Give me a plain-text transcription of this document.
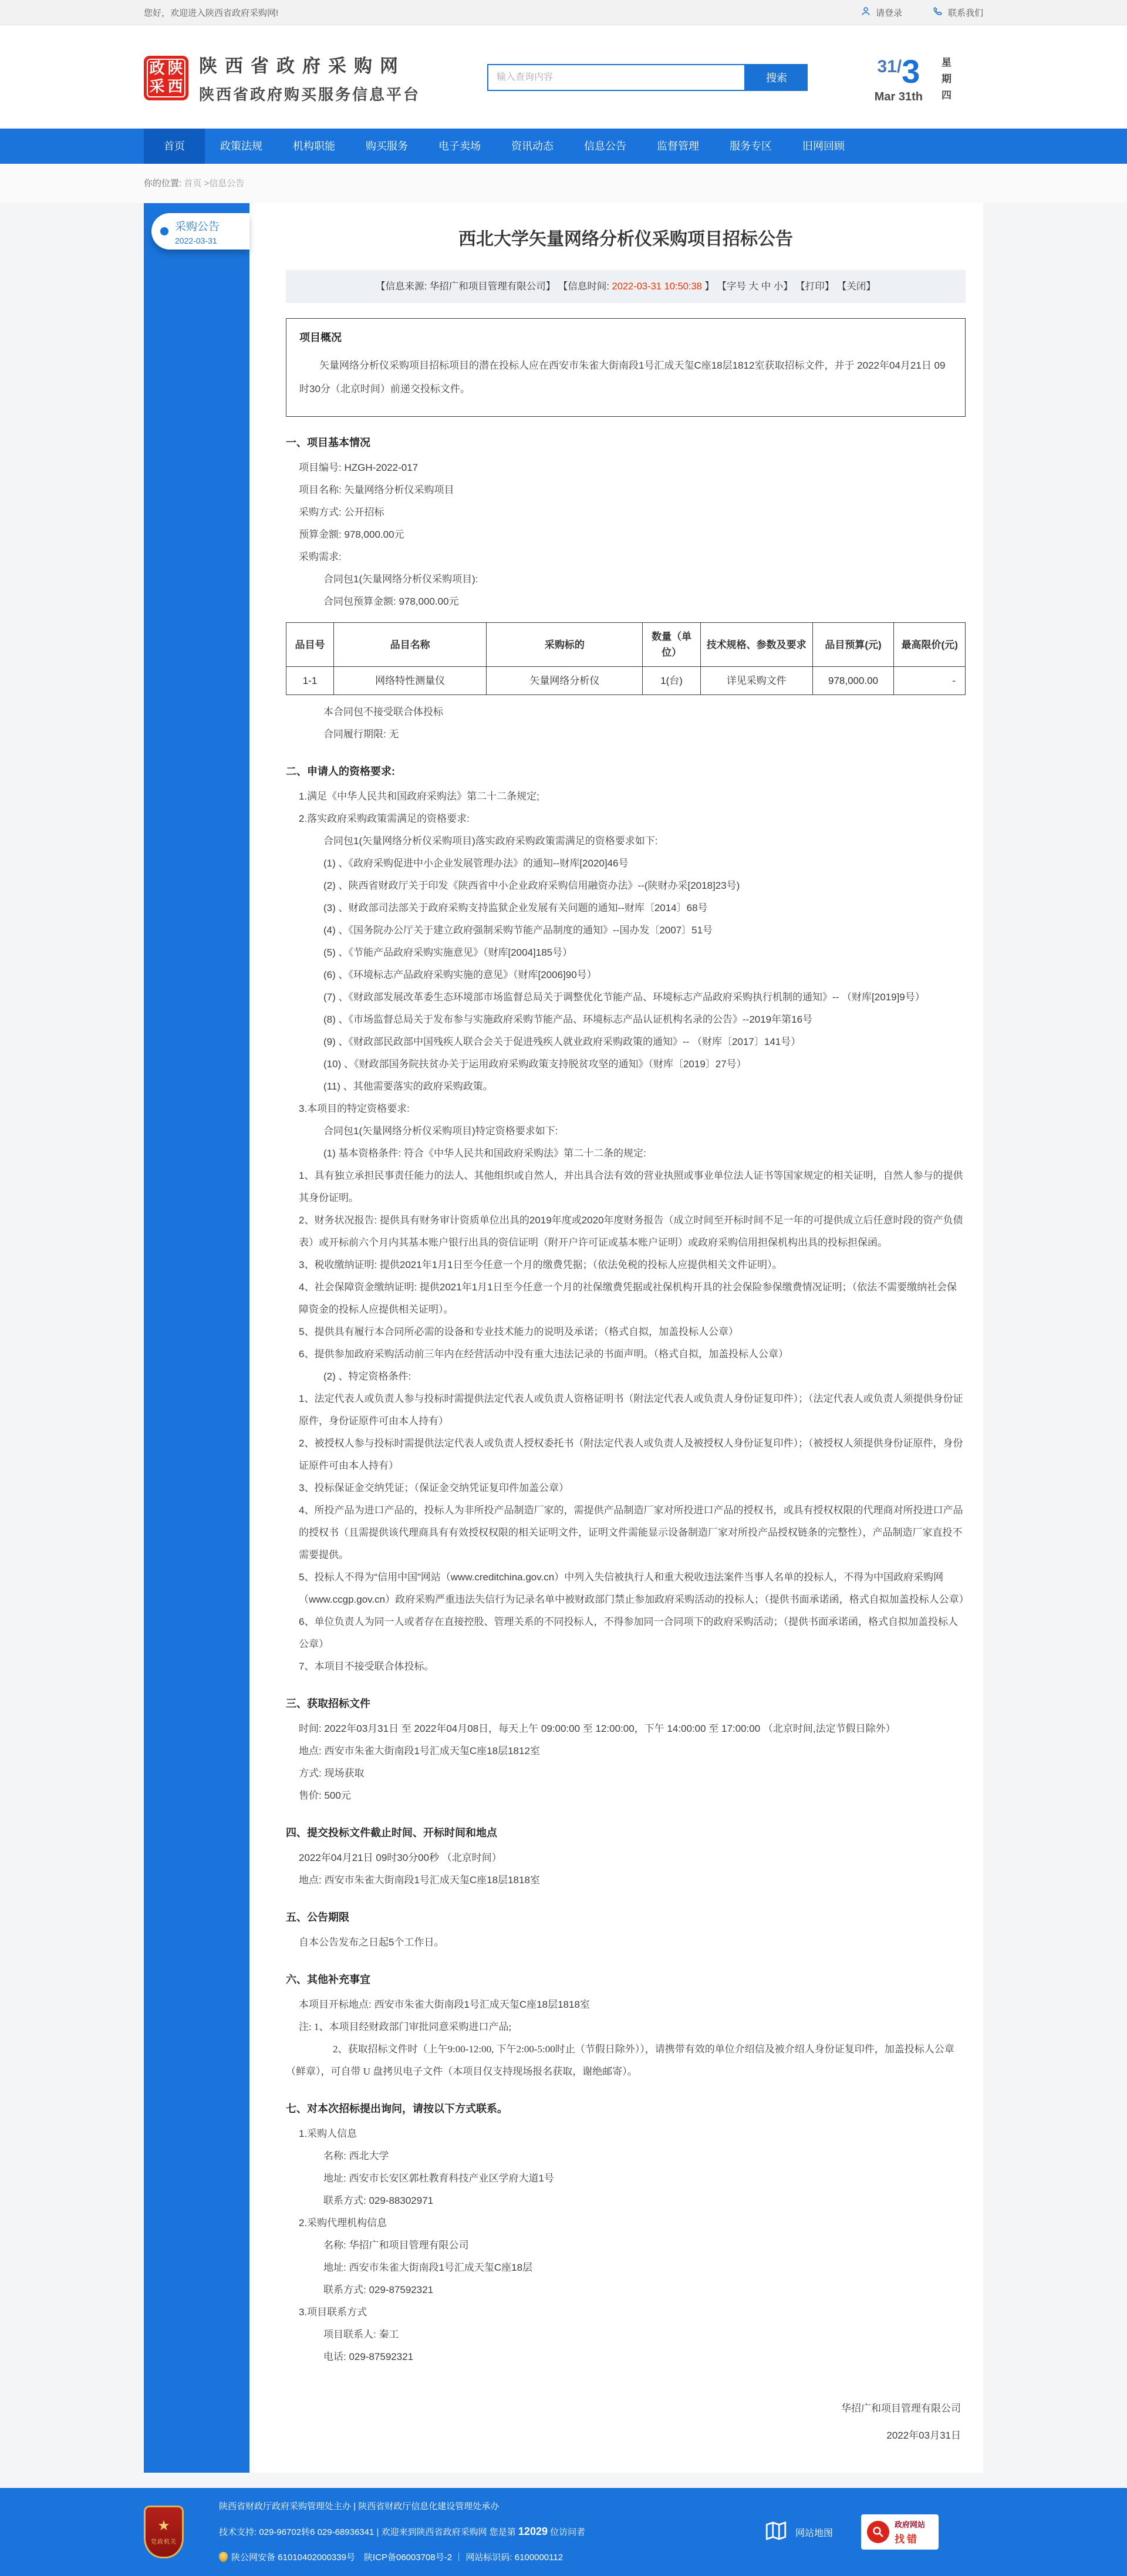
您好，欢迎进入陕西省政府采购网!	请登录	联系我们
政 陕
采 西
陕西省政府采购网
陕西省政府购买服务信息平台
输入查询内容
搜索
31/3
Mar 31th 星期四
首页	政策法规	机构职能	购买服务	电子卖场	资讯动态	信息公告	监督管理	服务专区	旧网回顾
你的位置: 首页 >信息公告
采购公告
2022-03-31	西北大学矢量网络分析仪采购项目招标公告
【信息来源: 华招广和项目管理有限公司】 【信息时间: 2022-03-31 10:50:38 】 【字号 大 中 小】 【打印】 【关闭】
项目概况

矢量网络分析仪采购项目招标项目的潜在投标人应在西安市朱雀大街南段1号汇成天玺C座18层1812室获取招标文件，并于 2022年04月21日 09时30分（北京时间）前递交投标文件。

一、项目基本情况

项目编号: HZGH-2022-017

项目名称: 矢量网络分析仪采购项目

采购方式: 公开招标

预算金额: 978,000.00元

采购需求:

合同包1(矢量网络分析仪采购项目):

合同包预算金额: 978,000.00元

品目号	品目名称	采购标的	数量（单位）	技术规格、参数及要求	品目预算(元)	最高限价(元)
1-1	网络特性测量仪	矢量网络分析仪	1(台)	详见采购文件	978,000.00	-

本合同包不接受联合体投标

合同履行期限: 无

二、申请人的资格要求:

1.满足《中华人民共和国政府采购法》第二十二条规定;

2.落实政府采购政策需满足的资格要求:

合同包1(矢量网络分析仪采购项目)落实政府采购政策需满足的资格要求如下:

(1) 、《政府采购促进中小企业发展管理办法》的通知--财库[2020]46号

(2) 、陕西省财政厅关于印发《陕西省中小企业政府采购信用融资办法》--(陕财办采[2018]23号)

(3) 、财政部司法部关于政府采购支持监狱企业发展有关问题的通知--财库〔2014〕68号

(4) 、《国务院办公厅关于建立政府强制采购节能产品制度的通知》--国办发〔2007〕51号

(5) 、《节能产品政府采购实施意见》（财库[2004]185号）

(6) 、《环境标志产品政府采购实施的意见》（财库[2006]90号）

(7) 、《财政部发展改革委生态环境部市场监督总局关于调整优化节能产品、环境标志产品政府采购执行机制的通知》-- （财库[2019]9号）

(8) 、《市场监督总局关于发布参与实施政府采购节能产品、环境标志产品认证机构名录的公告》--2019年第16号

(9) 、《财政部民政部中国残疾人联合会关于促进残疾人就业政府采购政策的通知》-- （财库〔2017〕141号）

(10) 、《财政部国务院扶贫办关于运用政府采购政策支持脱贫攻坚的通知》（财库〔2019〕27号）

(11) 、其他需要落实的政府采购政策。

3.本项目的特定资格要求:

合同包1(矢量网络分析仪采购项目)特定资格要求如下:

(1) 基本资格条件: 符合《中华人民共和国政府采购法》第二十二条的规定:

1、具有独立承担民事责任能力的法人、其他组织或自然人，并出具合法有效的营业执照或事业单位法人证书等国家规定的相关证明，自然人参与的提供其身份证明。

2、财务状况报告: 提供具有财务审计资质单位出具的2019年度或2020年度财务报告（成立时间至开标时间不足一年的可提供成立后任意时段的资产负债表）或开标前六个月内其基本账户银行出具的资信证明（附开户许可证或基本账户证明）或政府采购信用担保机构出具的投标担保函。

3、税收缴纳证明: 提供2021年1月1日至今任意一个月的缴费凭据；（依法免税的投标人应提供相关文件证明）。

4、社会保障资金缴纳证明: 提供2021年1月1日至今任意一个月的社保缴费凭据或社保机构开具的社会保险参保缴费情况证明；（依法不需要缴纳社会保障资金的投标人应提供相关证明）。

5、提供具有履行本合同所必需的设备和专业技术能力的说明及承诺；（格式自拟，加盖投标人公章）

6、提供参加政府采购活动前三年内在经营活动中没有重大违法记录的书面声明。（格式自拟，加盖投标人公章）

(2) 、特定资格条件:

1、法定代表人或负责人参与投标时需提供法定代表人或负责人资格证明书（附法定代表人或负责人身份证复印件）；（法定代表人或负责人须提供身份证原件，身份证原件可由本人持有）

2、被授权人参与投标时需提供法定代表人或负责人授权委托书（附法定代表人或负责人及被授权人身份证复印件）；（被授权人须提供身份证原件，身份证原件可由本人持有）

3、投标保证金交纳凭证；（保证金交纳凭证复印件加盖公章）

4、所投产品为进口产品的，投标人为非所投产品制造厂家的，需提供产品制造厂家对所投进口产品的授权书，或具有授权权限的代理商对所投进口产品的授权书（且需提供该代理商具有有效授权权限的相关证明文件，证明文件需能显示设备制造厂家对所投产品授权链条的完整性），产品制造厂家直投不需要提供。

5、投标人不得为“信用中国”网站（www.creditchina.gov.cn）中列入失信被执行人和重大税收违法案件当事人名单的投标人，不得为中国政府采购网（www.ccgp.gov.cn）政府采购严重违法失信行为记录名单中被财政部门禁止参加政府采购活动的投标人；（提供书面承诺函，格式自拟加盖投标人公章）

6、单位负责人为同一人或者存在直接控股、管理关系的不同投标人，不得参加同一合同项下的政府采购活动；（提供书面承诺函，格式自拟加盖投标人公章）

7、本项目不接受联合体投标。

三、获取招标文件

时间: 2022年03月31日 至 2022年04月08日，每天上午 09:00:00 至 12:00:00，下午 14:00:00 至 17:00:00 （北京时间,法定节假日除外）

地点: 西安市朱雀大街南段1号汇成天玺C座18层1812室

方式: 现场获取

售价: 500元

四、提交投标文件截止时间、开标时间和地点

2022年04月21日 09时30分00秒 （北京时间）

地点: 西安市朱雀大街南段1号汇成天玺C座18层1818室

五、公告期限

自本公告发布之日起5个工作日。

六、其他补充事宜

本项目开标地点: 西安市朱雀大街南段1号汇成天玺C座18层1818室

注: 1、本项目经财政部门审批同意采购进口产品;

2、获取招标文件时（上午9:00-12:00, 下午2:00-5:00时止（节假日除外）），请携带有效的单位介绍信及被介绍人身份证复印件，加盖投标人公章（鲜章），可自带 U 盘拷贝电子文件（本项目仅支持现场报名获取，谢绝邮寄）。

七、对本次招标提出询问，请按以下方式联系。

1.采购人信息

名称: 西北大学

地址: 西安市长安区郭杜教育科技产业区学府大道1号

联系方式: 029-88302971

2.采购代理机构信息

名称: 华招广和项目管理有限公司

地址: 西安市朱雀大街南段1号汇成天玺C座18层

联系方式: 029-87592321

3.项目联系方式

项目联系人: 秦工

电话: 029-87592321

华招广和项目管理有限公司
2022年03月31日
★
党政机关
陕西省财政厅政府采购管理处主办 | 陕西省财政厅信息化建设管理处承办
技术支持: 029-96702转6 029-68936341 | 欢迎来到陕西省政府采购网 您是第 12029 位访问者
陕公网安备 61010402000339号　陕ICP备06003708号-2 ｜ 网站标识码: 6100000112
网站地图
政府网站
找错
